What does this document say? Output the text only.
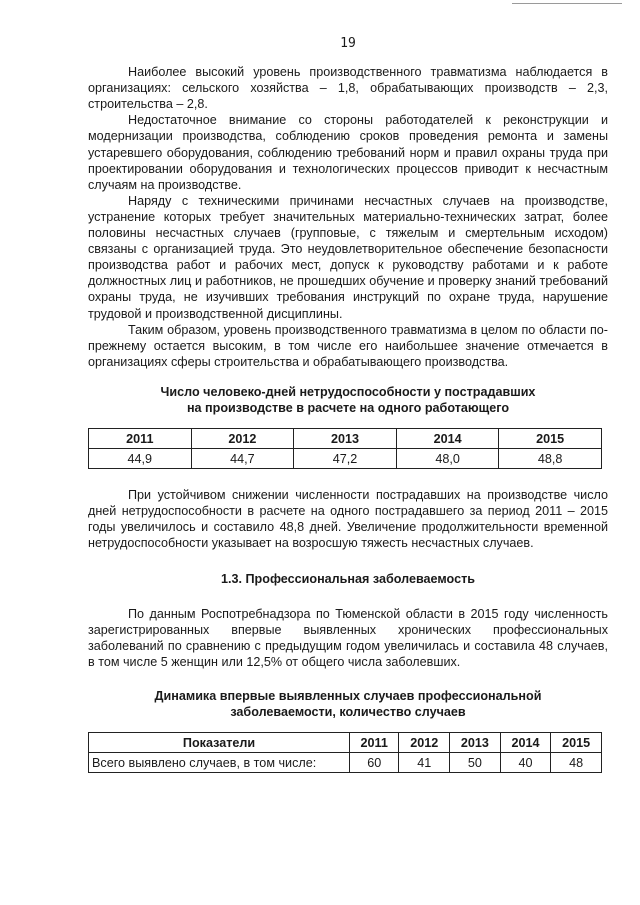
19

Наиболее высокий уровень производственного травматизма наблюдается в организациях: сельского хозяйства – 1,8, обрабатывающих производств – 2,3, строительства – 2,8.

Недостаточное внимание со стороны работодателей к реконструкции и модернизации производства, соблюдению сроков проведения ремонта и замены устаревшего оборудования, соблюдению требований норм и правил охраны труда при проектировании оборудования и технологических процессов приводит к несчастным случаям на производстве.

Наряду с техническими причинами несчастных случаев на производстве, устранение которых требует значительных материально-технических затрат, более половины несчастных случаев (групповые, с тяжелым и смертельным исходом) связаны с организацией труда. Это неудовлетворительное обеспечение безопасности производства работ и рабочих мест, допуск к руководству работами и к работе должностных лиц и работников, не прошедших обучение и проверку знаний требований охраны труда, не изучивших требования инструкций по охране труда, нарушение трудовой и производственной дисциплины.

Таким образом, уровень производственного травматизма в целом по области по-прежнему остается высоким, в том числе его наибольшее значение отмечается в организациях сферы строительства и обрабатывающего производства.

Число человеко-дней нетрудоспособности у пострадавших
на производстве в расчете на одного работающего
2011	2012	2013	2014	2015
44,9	44,7	47,2	48,0	48,8

При устойчивом снижении численности пострадавших на производстве число дней нетрудоспособности в расчете на одного пострадавшего за период 2011 – 2015 годы увеличилось и составило 48,8 дней. Увеличение продолжительности временной нетрудоспособности указывает на возросшую тяжесть несчастных случаев.

1.3. Профессиональная заболеваемость

По данным Роспотребнадзора по Тюменской области в 2015 году численность зарегистрированных впервые выявленных хронических профессиональных заболеваний по сравнению с предыдущим годом увеличилась и составила 48 случаев, в том числе 5 женщин или 12,5% от общего числа заболевших.

Динамика впервые выявленных случаев профессиональной
заболеваемости, количество случаев
Показатели	2011	2012	2013	2014	2015
Всего выявлено случаев, в том числе:	60	41	50	40	48
